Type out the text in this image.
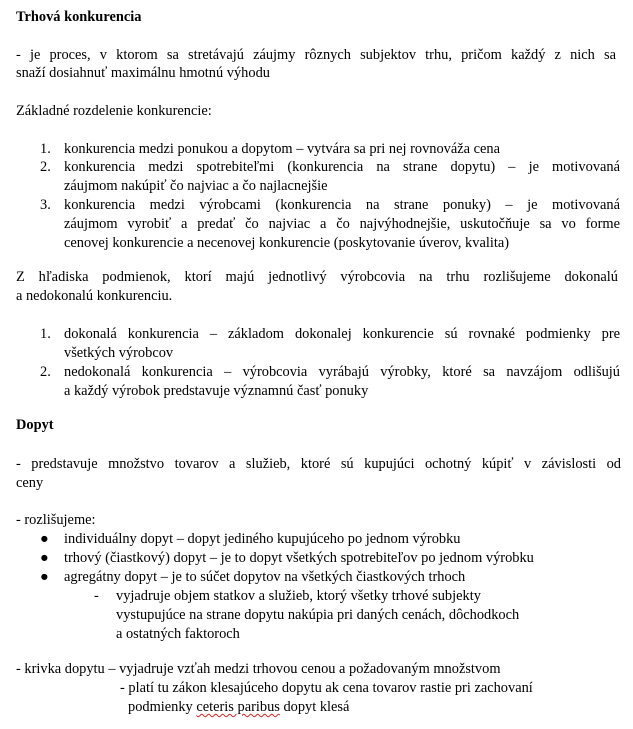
Trhová konkurencia
- je proces, v ktorom sa stretávajú záujmy rôznych subjektov trhu, pričom každý z nich sa
snaží dosiahnuť maximálnu hmotnú výhodu
Základné rozdelenie konkurencie:
1. konkurencia medzi ponukou a dopytom – vytvára sa pri nej rovnováža cena
2. konkurencia medzi spotrebiteľmi (konkurencia na strane dopytu) – je motivovaná
záujmom nakúpiť čo najviac a čo najlacnejšie
3. konkurencia medzi výrobcami (konkurencia na strane ponuky) – je motivovaná
záujmom vyrobiť a predať čo najviac a čo najvýhodnejšie, uskutočňuje sa vo forme
cenovej konkurencie a necenovej konkurencie (poskytovanie úverov, kvalita)
Z hľadiska podmienok, ktorí majú jednotlivý výrobcovia na trhu rozlišujeme dokonalú
a nedokonalú konkurenciu.
1. dokonalá konkurencia – základom dokonalej konkurencie sú rovnaké podmienky pre
všetkých výrobcov
2. nedokonalá konkurencia – výrobcovia vyrábajú výrobky, ktoré sa navzájom odlišujú
a každý výrobok predstavuje významnú časť ponuky
Dopyt
- predstavuje množstvo tovarov a služieb, ktoré sú kupujúci ochotný kúpiť v závislosti od
ceny
- rozlišujeme:
● individuálny dopyt – dopyt jediného kupujúceho po jednom výrobku
● trhový (čiastkový) dopyt – je to dopyt všetkých spotrebiteľov po jednom výrobku
● agregátny dopyt – je to súčet dopytov na všetkých čiastkových trhoch
- vyjadruje objem statkov a služieb, ktorý všetky trhové subjekty
vystupujúce na strane dopytu nakúpia pri daných cenách, dôchodkoch
a ostatných faktoroch
- krivka dopytu – vyjadruje vzťah medzi trhovou cenou a požadovaným množstvom
- platí tu zákon klesajúceho dopytu ak cena tovarov rastie pri zachovaní
podmienky ceteris paribus dopyt klesá
